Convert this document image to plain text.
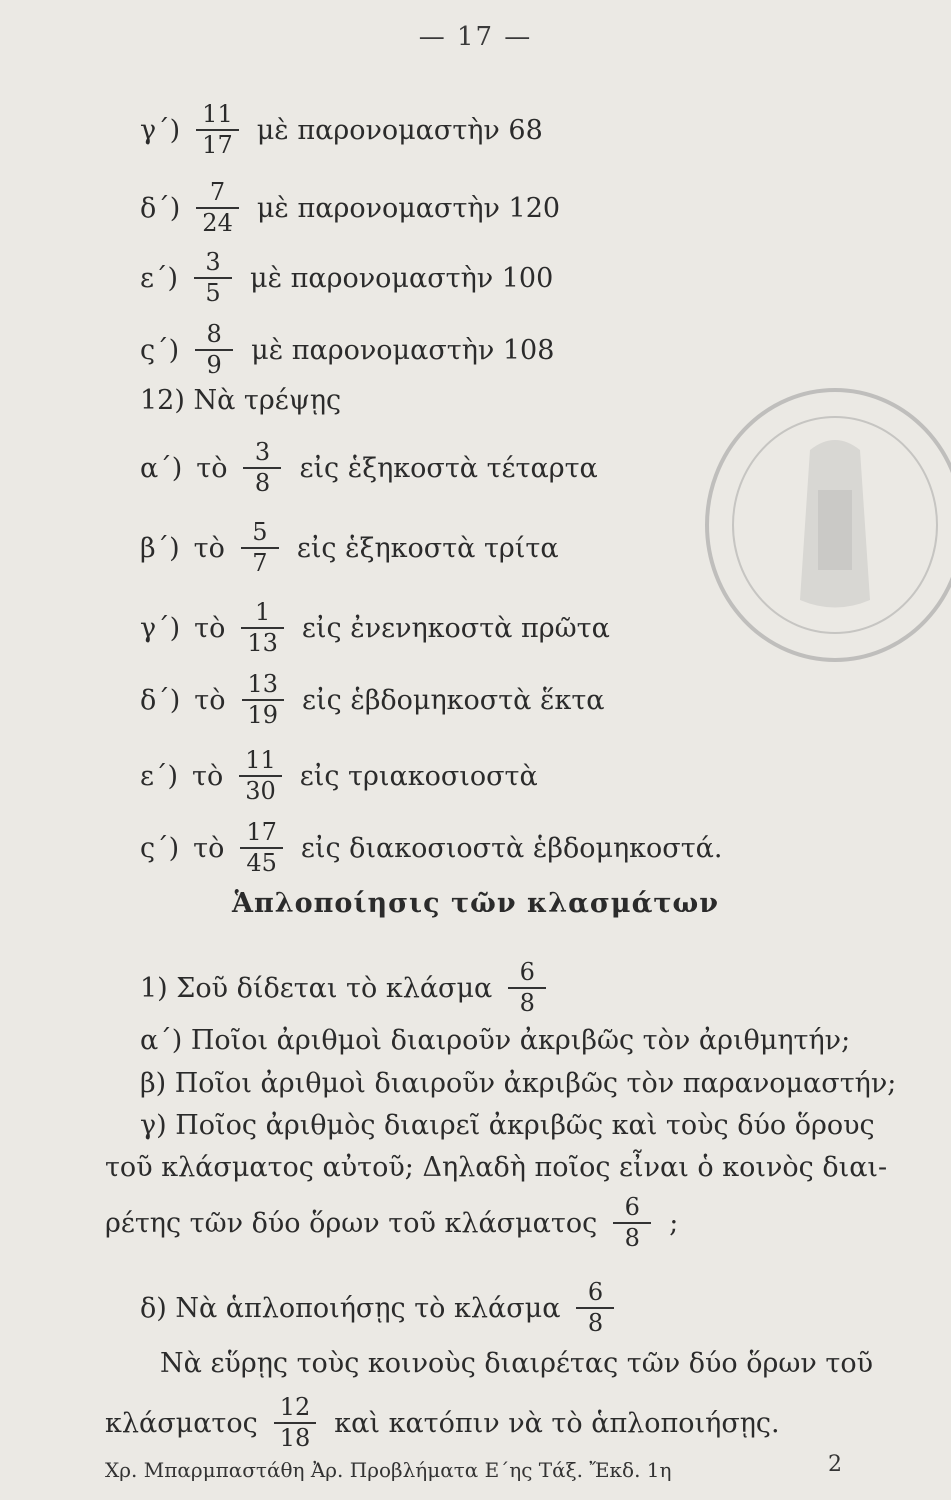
— 17 —
$\gamma΄) \frac{11}{17}$ μὲ παρονομαστὴν 68
$\delta΄) \frac{7}{24}$ μὲ παρονομαστὴν 120
$\varepsilon΄) \frac{3}{5}$ μὲ παρονομαστὴν 100
$\varsigma΄) \frac{8}{9}$ μὲ παρονομαστὴν 108
12) Νὰ τρέψῃς
α΄) τὸ $\frac{3}{8}$ εἰς ἑξηκοστὰ τέταρτα
β΄) τὸ $\frac{5}{7}$ εἰς ἑξηκοστὰ τρίτα
γ΄) τὸ $\frac{1}{13}$ εἰς ἐνενηκοστὰ πρῶτα
δ΄) τὸ $\frac{13}{19}$ εἰς ἑβδομηκοστὰ ἕκτα
ε΄) τὸ $\frac{11}{30}$ εἰς τριακοσιοστὰ
ς΄) τὸ $\frac{17}{45}$ εἰς διακοσιοστὰ ἑβδομηκοστά.
Ἁπλοποίησις τῶν κλασμάτων
1) Σοῦ δίδεται τὸ κλάσμα $\frac{6}{8}$
α΄) Ποῖοι ἀριθμοὶ διαιροῦν ἀκριβῶς τὸν ἀριθμητήν;
β) Ποῖοι ἀριθμοὶ διαιροῦν ἀκριβῶς τὸν παρανομαστήν;
γ) Ποῖος ἀριθμὸς διαιρεῖ ἀκριβῶς καὶ τοὺς δύο ὅρους
τοῦ κλάσματος αὐτοῦ; Δηλαδὴ ποῖος εἶναι ὁ κοινὸς διαι-
ρέτης τῶν δύο ὅρων τοῦ κλάσματος $\frac{6}{8}$ ;
δ) Νὰ ἁπλοποιήσῃς τὸ κλάσμα $\frac{6}{8}$
Νὰ εὕρῃς τοὺς κοινοὺς διαιρέτας τῶν δύο ὅρων τοῦ
κλάσματος $\frac{12}{18}$ καὶ κατόπιν νὰ τὸ ἁπλοποιήσῃς.
Χρ. Μπαρμπαστάθη Ἀρ. Προβλήματα Ε΄ης Τάξ. Ἔκδ. 1η	2
